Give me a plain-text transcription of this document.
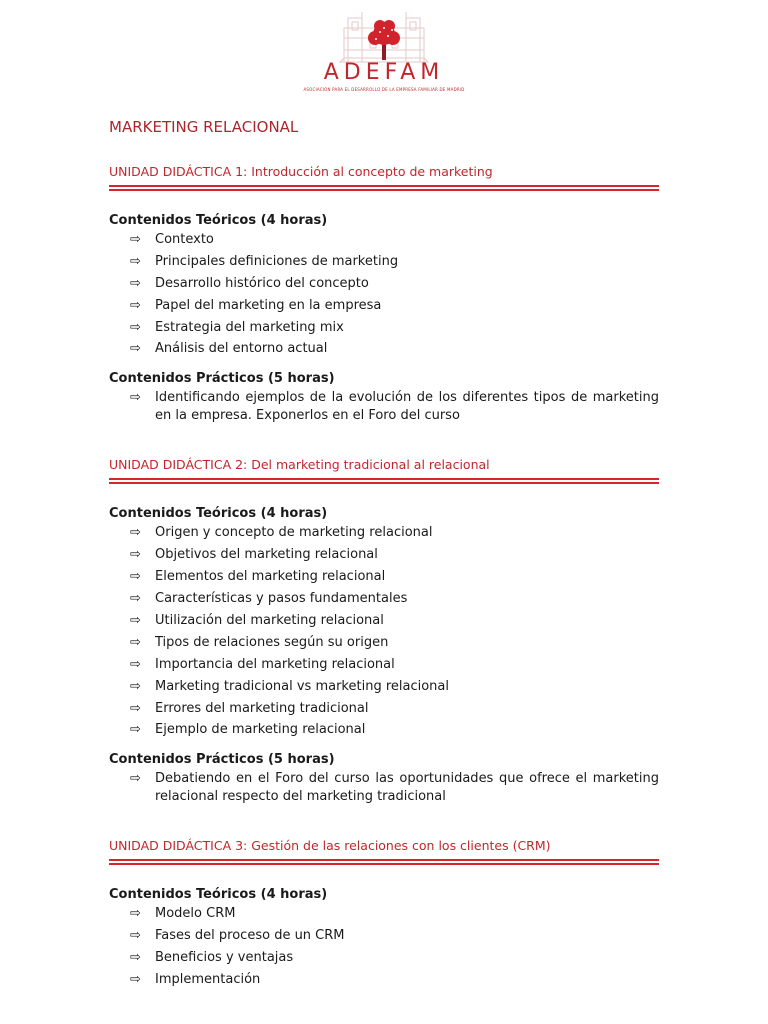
ADEFAM
ASOCIACIÓN PARA EL DESARROLLO DE LA EMPRESA FAMILIAR DE MADRID
MARKETING RELACIONAL
UNIDAD DIDÁCTICA 1: Introducción al concepto de marketing
Contenidos Teóricos (4 horas)
⇨ Contexto
⇨ Principales definiciones de marketing
⇨ Desarrollo histórico del concepto
⇨ Papel del marketing en la empresa
⇨ Estrategia del marketing mix
⇨ Análisis del entorno actual
Contenidos Prácticos (5 horas)
⇨ Identificando ejemplos de la evolución de los diferentes tipos de marketing en la empresa. Exponerlos en el Foro del curso
UNIDAD DIDÁCTICA 2: Del marketing tradicional al relacional
Contenidos Teóricos (4 horas)
⇨ Origen y concepto de marketing relacional
⇨ Objetivos del marketing relacional
⇨ Elementos del marketing relacional
⇨ Características y pasos fundamentales
⇨ Utilización del marketing relacional
⇨ Tipos de relaciones según su origen
⇨ Importancia del marketing relacional
⇨ Marketing tradicional vs marketing relacional
⇨ Errores del marketing tradicional
⇨ Ejemplo de marketing relacional
Contenidos Prácticos (5 horas)
⇨ Debatiendo en el Foro del curso las oportunidades que ofrece el marketing relacional respecto del marketing tradicional
UNIDAD DIDÁCTICA 3: Gestión de las relaciones con los clientes (CRM)
Contenidos Teóricos (4 horas)
⇨ Modelo CRM
⇨ Fases del proceso de un CRM
⇨ Beneficios y ventajas
⇨ Implementación
